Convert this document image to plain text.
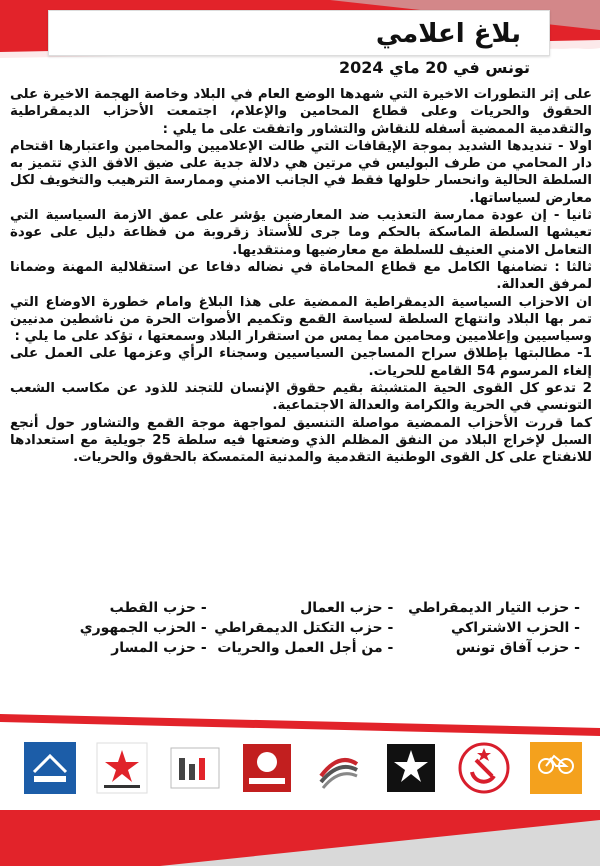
بلاغ اعلامي
تونس في 20 ماي 2024

على إثر التطورات الاخيرة التي شهدها الوضع العام في البلاد وخاصة الهجمة الاخيرة على الحقوق والحريات وعلى قطاع المحامين والإعلام، اجتمعت الأحزاب الديمقراطية والتقدمية الممضية أسفله للنقاش والتشاور واتفقت على ما يلي :

اولا - تنديدها الشديد بموجة الإيقافات التي طالت الإعلاميين والمحامين واعتبارها اقتحام دار المحامي من طرف البوليس في مرتين هي دلالة جدية على ضيق الافق الذي تتميز به السلطة الحالية وانحسار حلولها فقط في الجانب الامني وممارسة الترهيب والتخويف لكل معارض لسياساتها.

ثانيا - إن عودة ممارسة التعذيب ضد المعارضين يؤشر على عمق الازمة السياسية التي تعيشها السلطة الماسكة بالحكم وما جرى للأستاذ زقروبة من فظاعة دليل على عودة التعامل الامني العنيف للسلطة مع معارضيها ومنتقديها.

ثالثا : تضامنها الكامل مع قطاع المحاماة في نضاله دفاعا عن استقلالية المهنة وضمانا لمرفق العدالة.

ان الاحزاب السياسية الديمقراطية الممضية على هذا البلاغ وامام خطورة الاوضاع التي تمر بها البلاد وانتهاج السلطة لسياسة القمع وتكميم الأصوات الحرة من ناشطين مدنيين وسياسيين وإعلاميين ومحامين مما يمس من استقرار البلاد وسمعتها ، تؤكد على ما يلي :

1- مطالبتها بإطلاق سراح المساجين السياسيين وسجناء الرأي وعزمها على العمل على إلغاء المرسوم 54 القامع للحريات.

2 تدعو كل القوى الحية المتشبثة بقيم حقوق الإنسان للتجند للذود عن مكاسب الشعب التونسي في الحرية والكرامة والعدالة الاجتماعية.

كما قررت الأحزاب الممضية مواصلة التنسيق لمواجهة موجة القمع والتشاور حول أنجع السبل لإخراج البلاد من النفق المظلم الذي وضعتها فيه سلطة 25 جويلية مع استعدادها للانفتاح على كل القوى الوطنية التقدمية والمدنية المتمسكة بالحقوق والحريات.

- حزب التيار الديمقراطي
- حزب العمال
- حزب القطب
- الحزب الاشتراكي
- حزب التكتل الديمقراطي
- الحزب الجمهوري
- حزب آفاق تونس
- من أجل العمل والحريات
- حزب المسار
